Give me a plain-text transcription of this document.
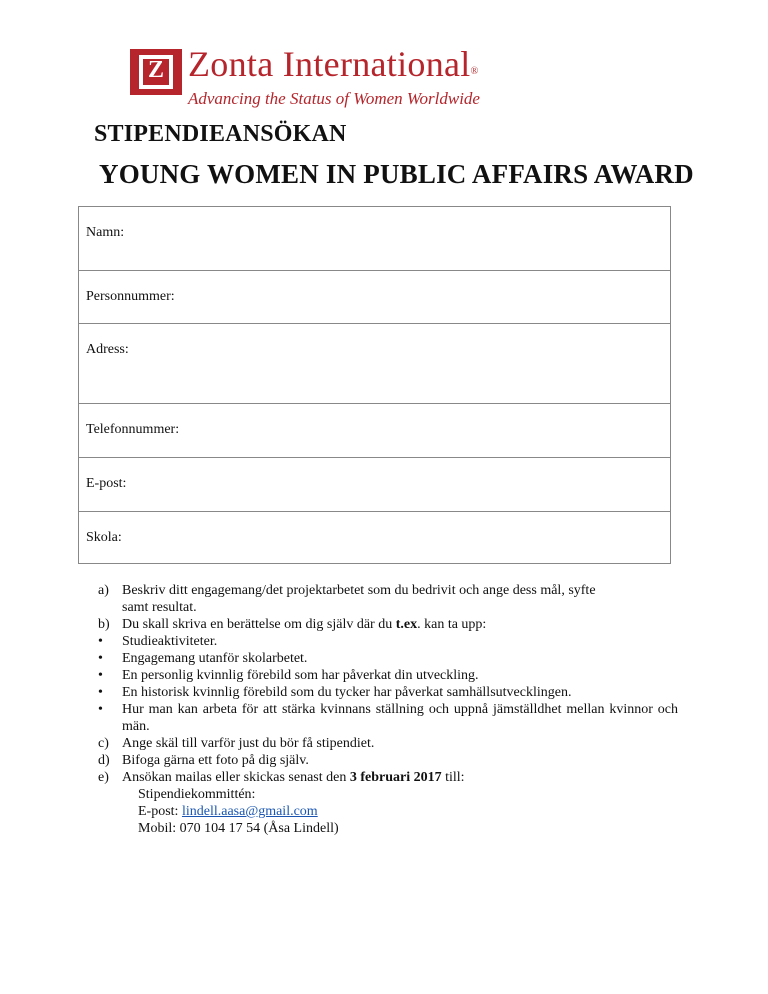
Z Zonta International®
Advancing the Status of Women Worldwide
STIPENDIEANSÖKAN
YOUNG WOMEN IN PUBLIC AFFAIRS AWARD
Namn:
Personnummer:
Adress:
Telefonnummer:
E-post:
Skola:
a) Beskriv ditt engagemang/det projektarbetet som du bedrivit och ange dess mål, syfte samt resultat.
b) Du skall skriva en berättelse om dig själv där du t.ex. kan ta upp:
•	Studieaktiviteter.
•	Engagemang utanför skolarbetet.
•	En personlig kvinnlig förebild som har påverkat din utveckling.
•	En historisk kvinnlig förebild som du tycker har påverkat samhällsutvecklingen.
•	Hur man kan arbeta för att stärka kvinnans ställning och uppnå jämställdhet mellan kvinnor och män.
c) Ange skäl till varför just du bör få stipendiet.
d) Bifoga gärna ett foto på dig själv.
e) Ansökan mailas eller skickas senast den 3 februari 2017 till:
Stipendiekommittén:
E-post: lindell.aasa@gmail.com
Mobil: 070 104 17 54 (Åsa Lindell)
